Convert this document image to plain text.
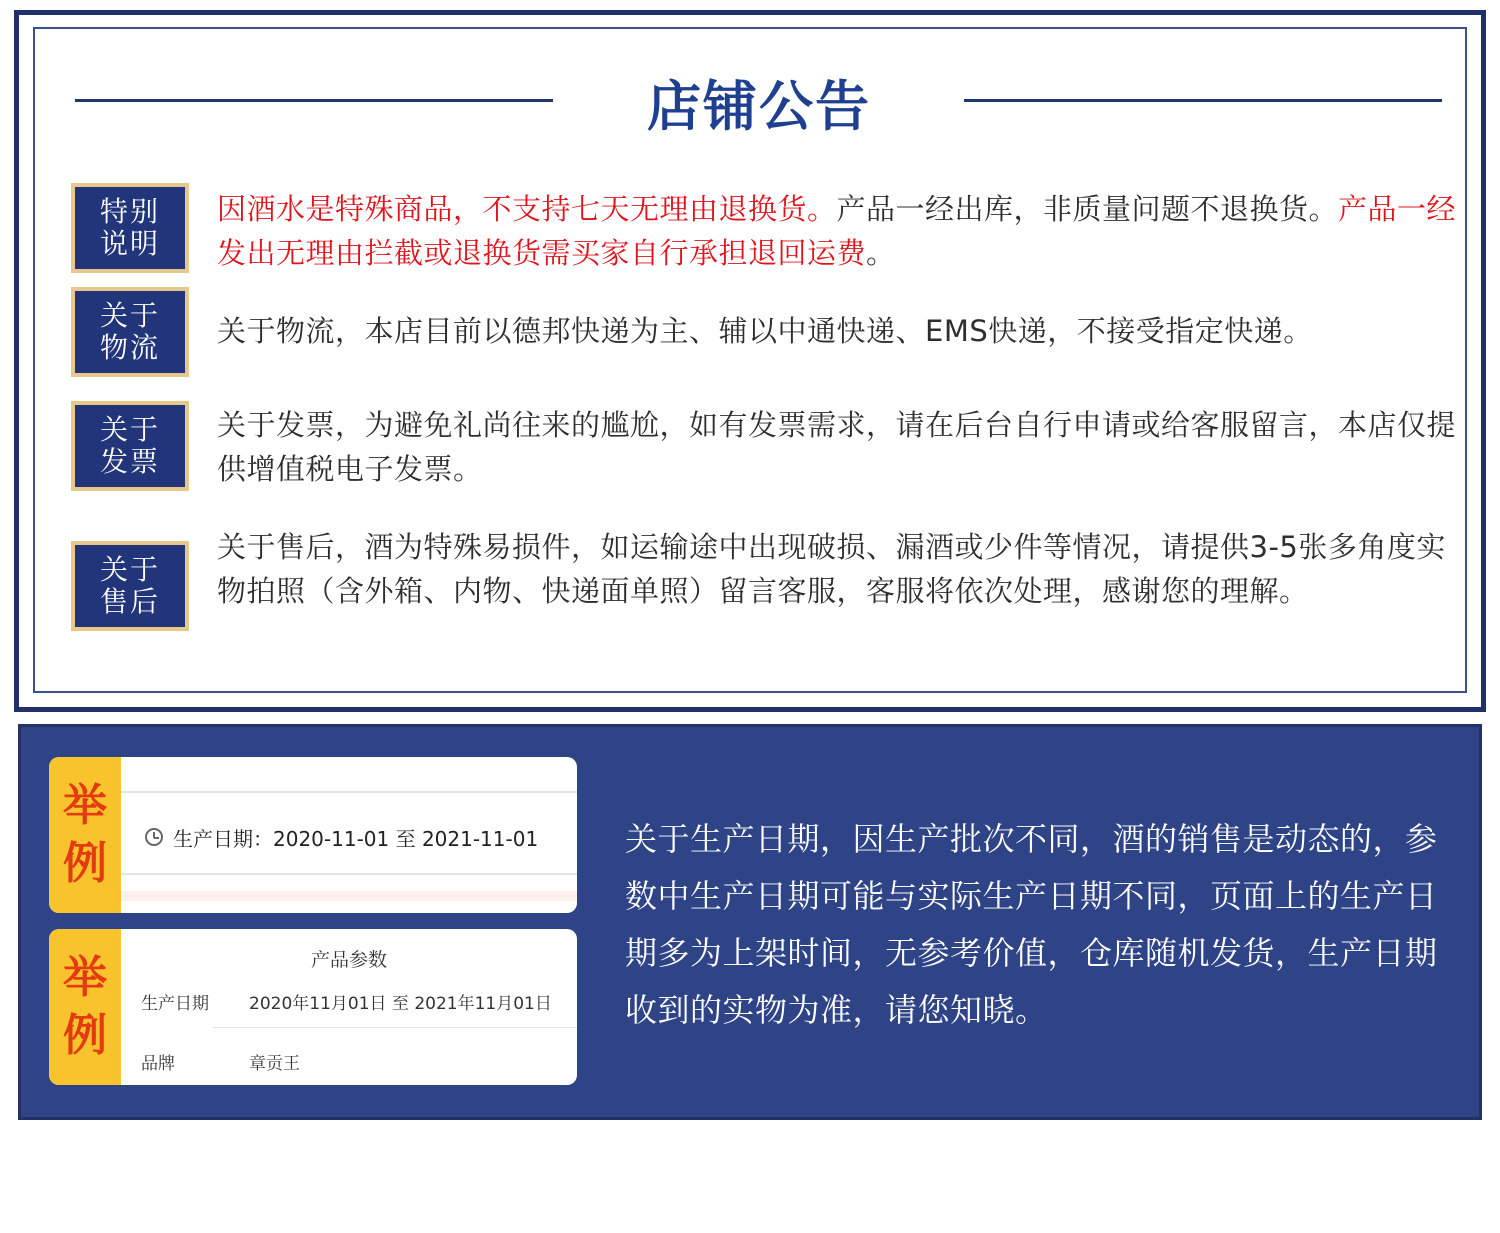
店铺公告
特别说明
因酒水是特殊商品，不支持七天无理由退换货。产品一经出库，非质量问题不退换货。产品一经发出无理由拦截或退换货需买家自行承担退回运费。
关于物流 关于物流，本店目前以德邦快递为主、辅以中通快递、EMS快递，不接受指定快递。
关于发票
关于发票，为避免礼尚往来的尴尬，如有发票需求，请在后台自行申请或给客服留言，本店仅提供增值税电子发票。
关于售后
关于售后，酒为特殊易损件，如运输途中出现破损、漏酒或少件等情况，请提供3-5张多角度实物拍照（含外箱、内物、快递面单照）留言客服，客服将依次处理，感谢您的理解。
举例	生产日期：2020-11-01 至 2021-11-01
举例
产品参数
生产日期	2020年11月01日 至 2021年11月01日
品牌	章贡王
关于生产日期，因生产批次不同，酒的销售是动态的，参数中生产日期可能与实际生产日期不同，页面上的生产日期多为上架时间，无参考价值，仓库随机发货，生产日期收到的实物为准，请您知晓。
